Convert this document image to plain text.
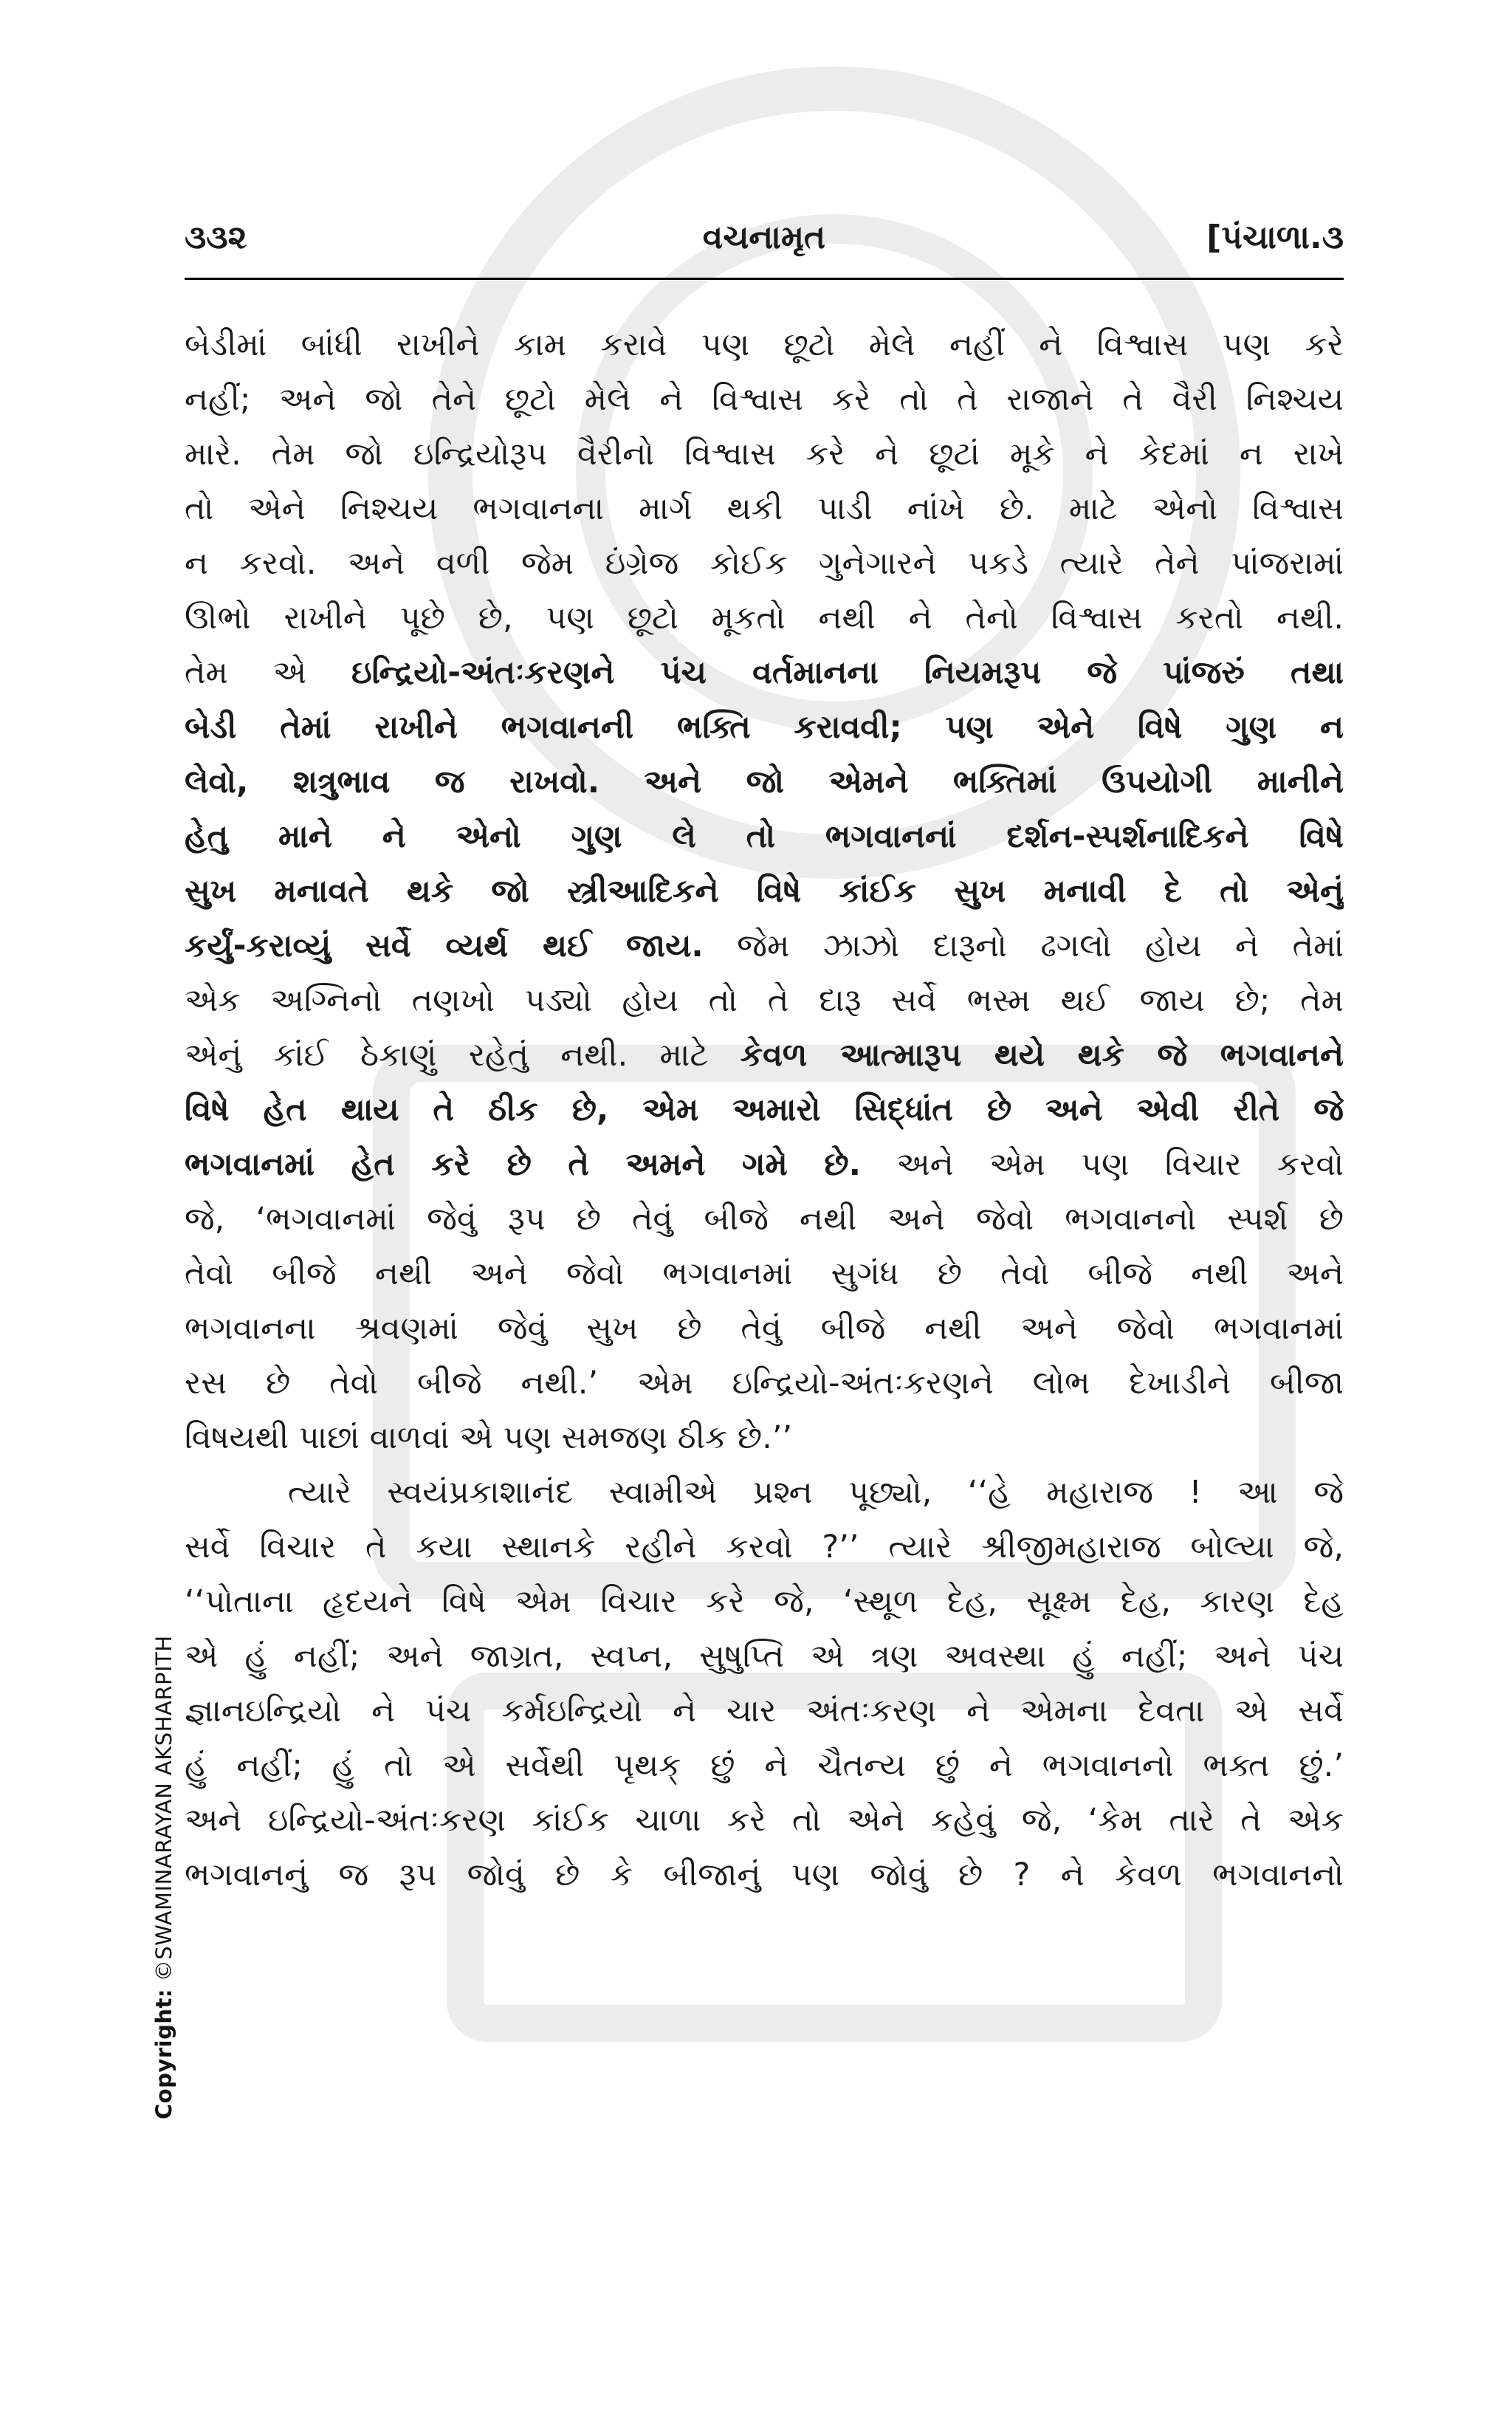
૩૩૨	વચનામૃત	[પંચાળા.૩
બેડીમાં બાંધી રાખીને કામ કરાવે પણ છૂટો મેલે નહીં ને વિશ્વાસ પણ કરે
નહીં; અને જો તેને છૂટો મેલે ને વિશ્વાસ કરે તો તે રાજાને તે વૈરી નિશ્ચય
મારે. તેમ જો ઇન્દ્રિયોરૂપ વૈરીનો વિશ્વાસ કરે ને છૂટાં મૂકે ને કેદમાં ન રાખે
તો એને નિશ્ચય ભગવાનના માર્ગ થકી પાડી નાંખે છે. માટે એનો વિશ્વાસ
ન કરવો. અને વળી જેમ ઇંગ્રેજ કોઈક ગુનેગારને પકડે ત્યારે તેને પાંજરામાં
ઊભો રાખીને પૂછે છે, પણ છૂટો મૂકતો નથી ને તેનો વિશ્વાસ કરતો નથી.
તેમ એ ઇન્દ્રિયો-અંતઃકરણને પંચ વર્તમાનના નિયમરૂપ જે પાંજરું તથા
બેડી તેમાં રાખીને ભગવાનની ભક્તિ કરાવવી; પણ એને વિષે ગુણ ન
લેવો, શત્રુભાવ જ રાખવો. અને જો એમને ભક્તિમાં ઉપયોગી માનીને
હેતુ માને ને એનો ગુણ લે તો ભગવાનનાં દર્શન-સ્પર્શનાદિકને વિષે
સુખ મનાવતે થકે જો સ્ત્રીઆદિકને વિષે કાંઈક સુખ મનાવી દે તો એનું
કર્યું-કરાવ્યું સર્વે વ્યર્થ થઈ જાય. જેમ ઝાઝો દારૂનો ઢગલો હોય ને તેમાં
એક અગ્નિનો તણખો પડ્યો હોય તો તે દારૂ સર્વે ભસ્મ થઈ જાય છે; તેમ
એનું કાંઈ ઠેકાણું રહેતું નથી. માટે કેવળ આત્મારૂપ થયે થકે જે ભગવાનને
વિષે હેત થાય તે ઠીક છે, એમ અમારો સિદ્ધાંત છે અને એવી રીતે જે
ભગવાનમાં હેત કરે છે તે અમને ગમે છે. અને એમ પણ વિચાર કરવો
જે, ‘ભગવાનમાં જેવું રૂપ છે તેવું બીજે નથી અને જેવો ભગવાનનો સ્પર્શ છે
તેવો બીજે નથી અને જેવો ભગવાનમાં સુગંધ છે તેવો બીજે નથી અને
ભગવાનના શ્રવણમાં જેવું સુખ છે તેવું બીજે નથી અને જેવો ભગવાનમાં
રસ છે તેવો બીજે નથી.’ એમ ઇન્દ્રિયો-અંતઃકરણને લોભ દેખાડીને બીજા
વિષયથી પાછાં વાળવાં એ પણ સમજણ ઠીક છે.’’
ત્યારે સ્વયંપ્રકાશાનંદ સ્વામીએ પ્રશ્ન પૂછ્યો, ‘‘હે મહારાજ ! આ જે
સર્વે વિચાર તે કયા સ્થાનકે રહીને કરવો ?’’ ત્યારે શ્રીજીમહારાજ બોલ્યા જે,
‘‘પોતાના હૃદયને વિષે એમ વિચાર કરે જે, ‘સ્થૂળ દેહ, સૂક્ષ્મ દેહ, કારણ દેહ
એ હું નહીં; અને જાગ્રત, સ્વપ્ન, સુષુપ્તિ એ ત્રણ અવસ્થા હું નહીં; અને પંચ
જ્ઞાનઇન્દ્રિયો ને પંચ કર્મઇન્દ્રિયો ને ચાર અંતઃકરણ ને એમના દેવતા એ સર્વે
હું નહીં; હું તો એ સર્વેથી પૃથક્ છું ને ચૈતન્ય છું ને ભગવાનનો ભક્ત છું.’
અને ઇન્દ્રિયો-અંતઃકરણ કાંઈક ચાળા કરે તો એને કહેવું જે, ‘કેમ તારે તે એક
ભગવાનનું જ રૂપ જોવું છે કે બીજાનું પણ જોવું છે ? ને કેવળ ભગવાનનો
Copyright: ©SWAMINARAYAN AKSHARPITH
